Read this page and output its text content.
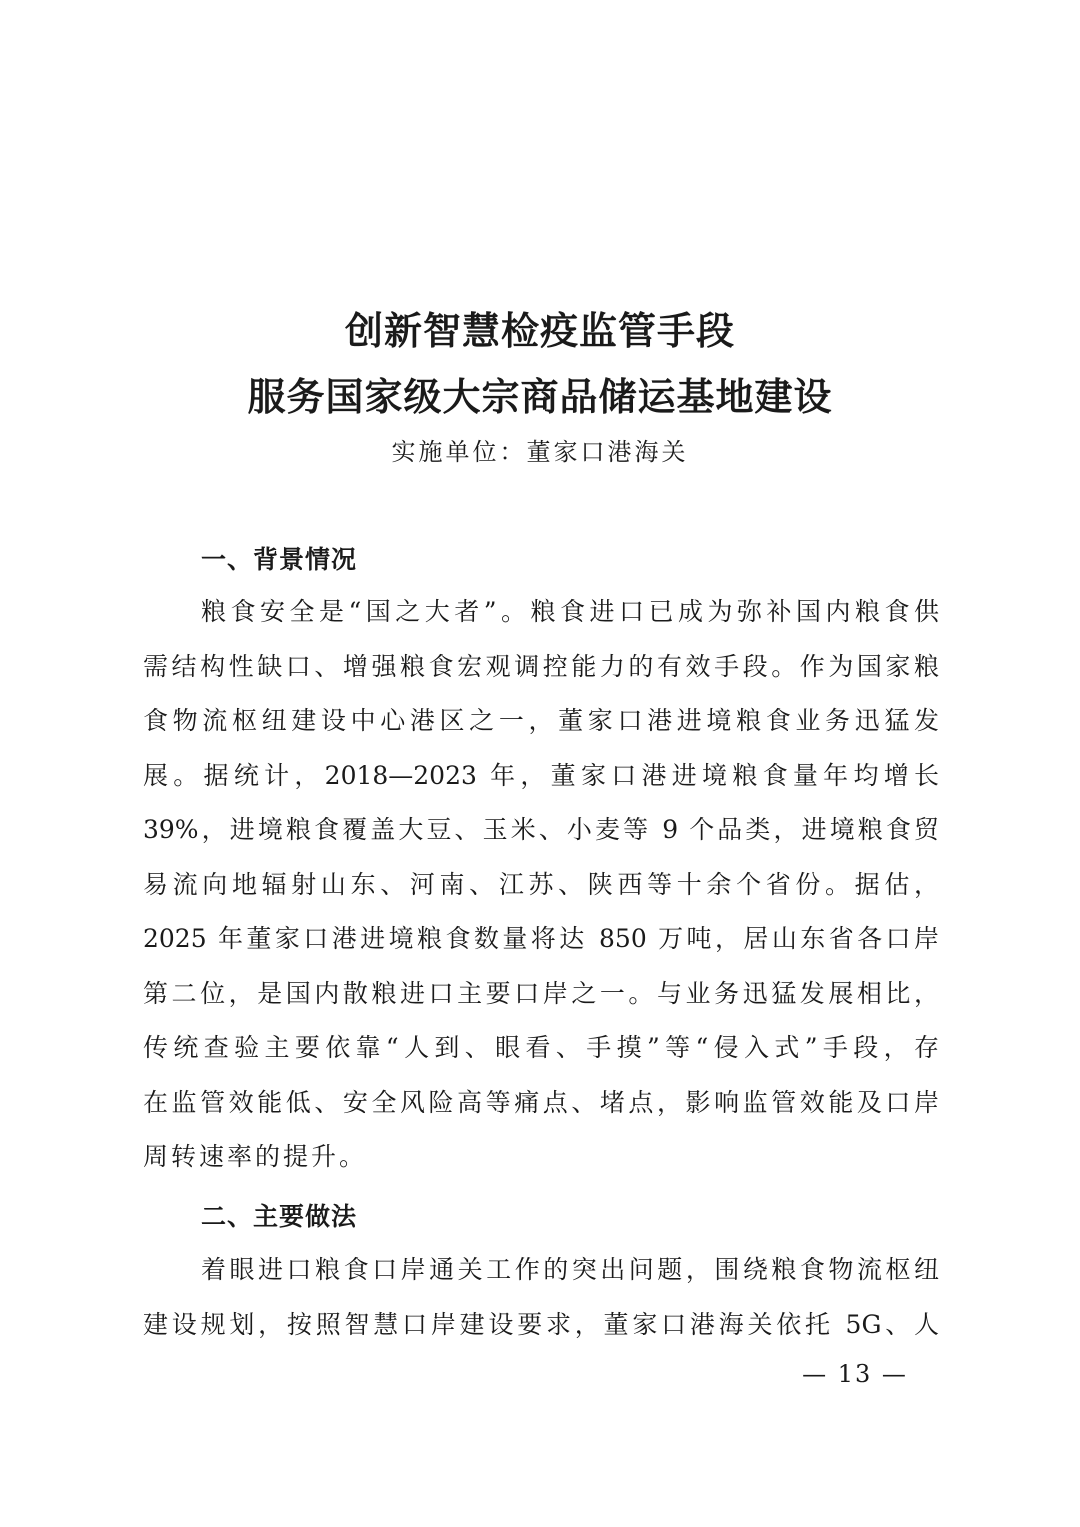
创新智慧检疫监管手段
服务国家级大宗商品储运基地建设
实施单位：董家口港海关
一、背景情况
粮食安全是“国之大者”。粮食进口已成为弥补国内粮食供
需结构性缺口、增强粮食宏观调控能力的有效手段。作为国家粮
食物流枢纽建设中心港区之一，董家口港进境粮食业务迅猛发
展。据统计，2018—2023 年，董家口港进境粮食量年均增长
39%，进境粮食覆盖大豆、玉米、小麦等 9 个品类，进境粮食贸
易流向地辐射山东、河南、江苏、陕西等十余个省份。据估，
2025 年董家口港进境粮食数量将达 850 万吨，居山东省各口岸
第二位，是国内散粮进口主要口岸之一。与业务迅猛发展相比，
传统查验主要依靠“人到、眼看、手摸”等“侵入式”手段，存
在监管效能低、安全风险高等痛点、堵点，影响监管效能及口岸
周转速率的提升。
二、主要做法
着眼进口粮食口岸通关工作的突出问题，围绕粮食物流枢纽
建设规划，按照智慧口岸建设要求，董家口港海关依托 5G、人
— 13 —
